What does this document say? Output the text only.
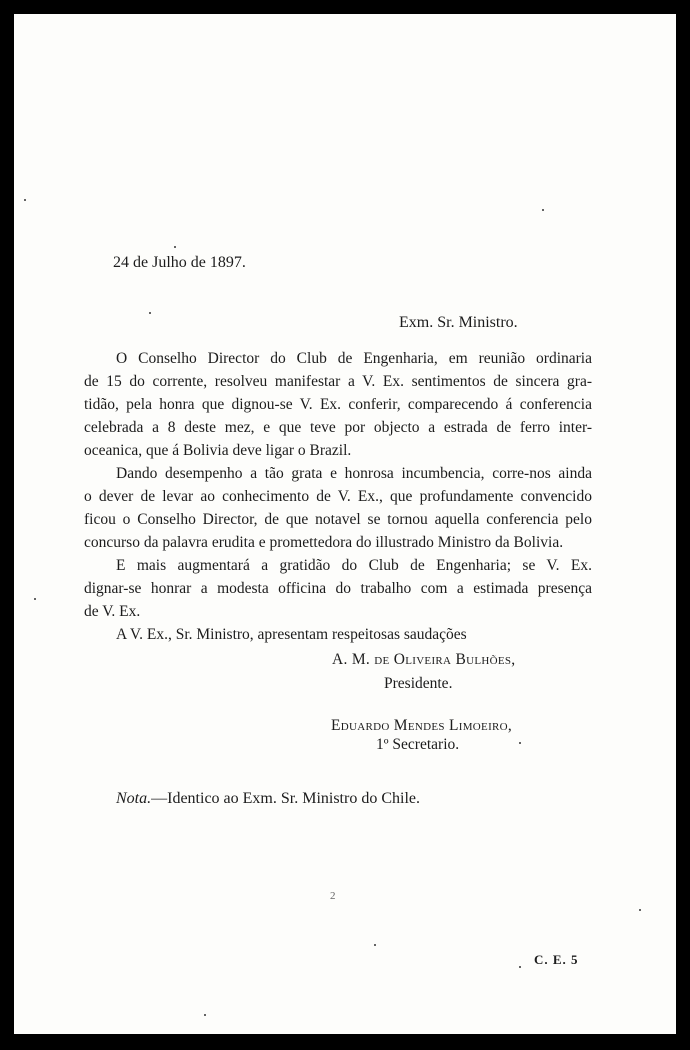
24 de Julho de 1897.
Exm. Sr. Ministro.
O Conselho Director do Club de Engenharia, em reunião ordinaria
de 15 do corrente, resolveu manifestar a V. Ex. sentimentos de sincera gra-
tidão, pela honra que dignou-se V. Ex. conferir, comparecendo á conferencia
celebrada a 8 deste mez, e que teve por objecto a estrada de ferro inter-
oceanica, que á Bolivia deve ligar o Brazil.
Dando desempenho a tão grata e honrosa incumbencia, corre-nos ainda
o dever de levar ao conhecimento de V. Ex., que profundamente convencido
ficou o Conselho Director, de que notavel se tornou aquella conferencia pelo
concurso da palavra erudita e promettedora do illustrado Ministro da Bolivia.
E mais augmentará a gratidão do Club de Engenharia; se V. Ex.
dignar-se honrar a modesta officina do trabalho com a estimada presença
de V. Ex.
A V. Ex., Sr. Ministro, apresentam respeitosas saudações
A. M. de Oliveira Bulhões,
Presidente.
Eduardo Mendes Limoeiro,
1º Secretario.
Nota.—Identico ao Exm. Sr. Ministro do Chile.
2
C. E. 5
